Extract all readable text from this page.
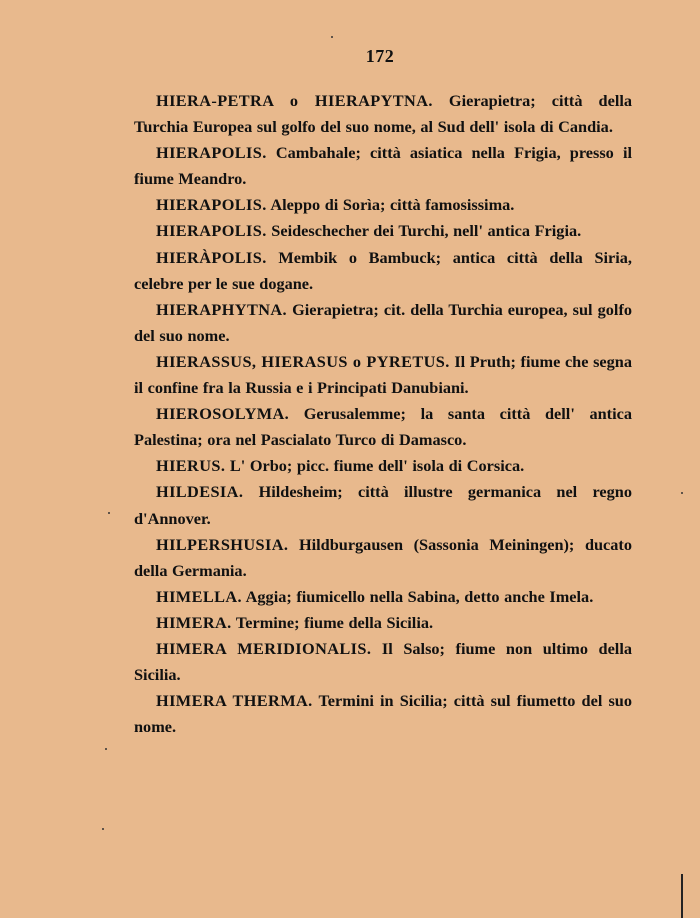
172

HIERA-PETRA o HIERAPYTNA. Gierapietra; città della Turchia Europea sul golfo del suo nome, al Sud dell' isola di Candia.

HIERAPOLIS. Cambahale; città asiatica nella Frigia, presso il fiume Meandro.

HIERAPOLIS. Aleppo di Sorìa; città famosissima.

HIERAPOLIS. Seideschecher dei Turchi, nell' antica Frigia.

HIERÀPOLIS. Membik o Bambuck; antica città della Siria, celebre per le sue dogane.

HIERAPHYTNA. Gierapietra; cit. della Turchia europea, sul golfo del suo nome.

HIERASSUS, HIERASUS o PYRETUS. Il Pruth; fiume che segna il confine fra la Russia e i Principati Danubiani.

HIEROSOLYMA. Gerusalemme; la santa città dell' antica Palestina; ora nel Pascialato Turco di Damasco.

HIERUS. L' Orbo; picc. fiume dell' isola di Corsica.

HILDESIA. Hildesheim; città illustre germanica nel regno d'Annover.

HILPERSHUSIA. Hildburgausen (Sassonia Meiningen); ducato della Germania.

HIMELLA. Aggia; fiumicello nella Sabina, detto anche Imela.

HIMERA. Termine; fiume della Sicilia.

HIMERA MERIDIONALIS. Il Salso; fiume non ultimo della Sicilia.

HIMERA THERMA. Termini in Sicilia; città sul fiumetto del suo nome.
